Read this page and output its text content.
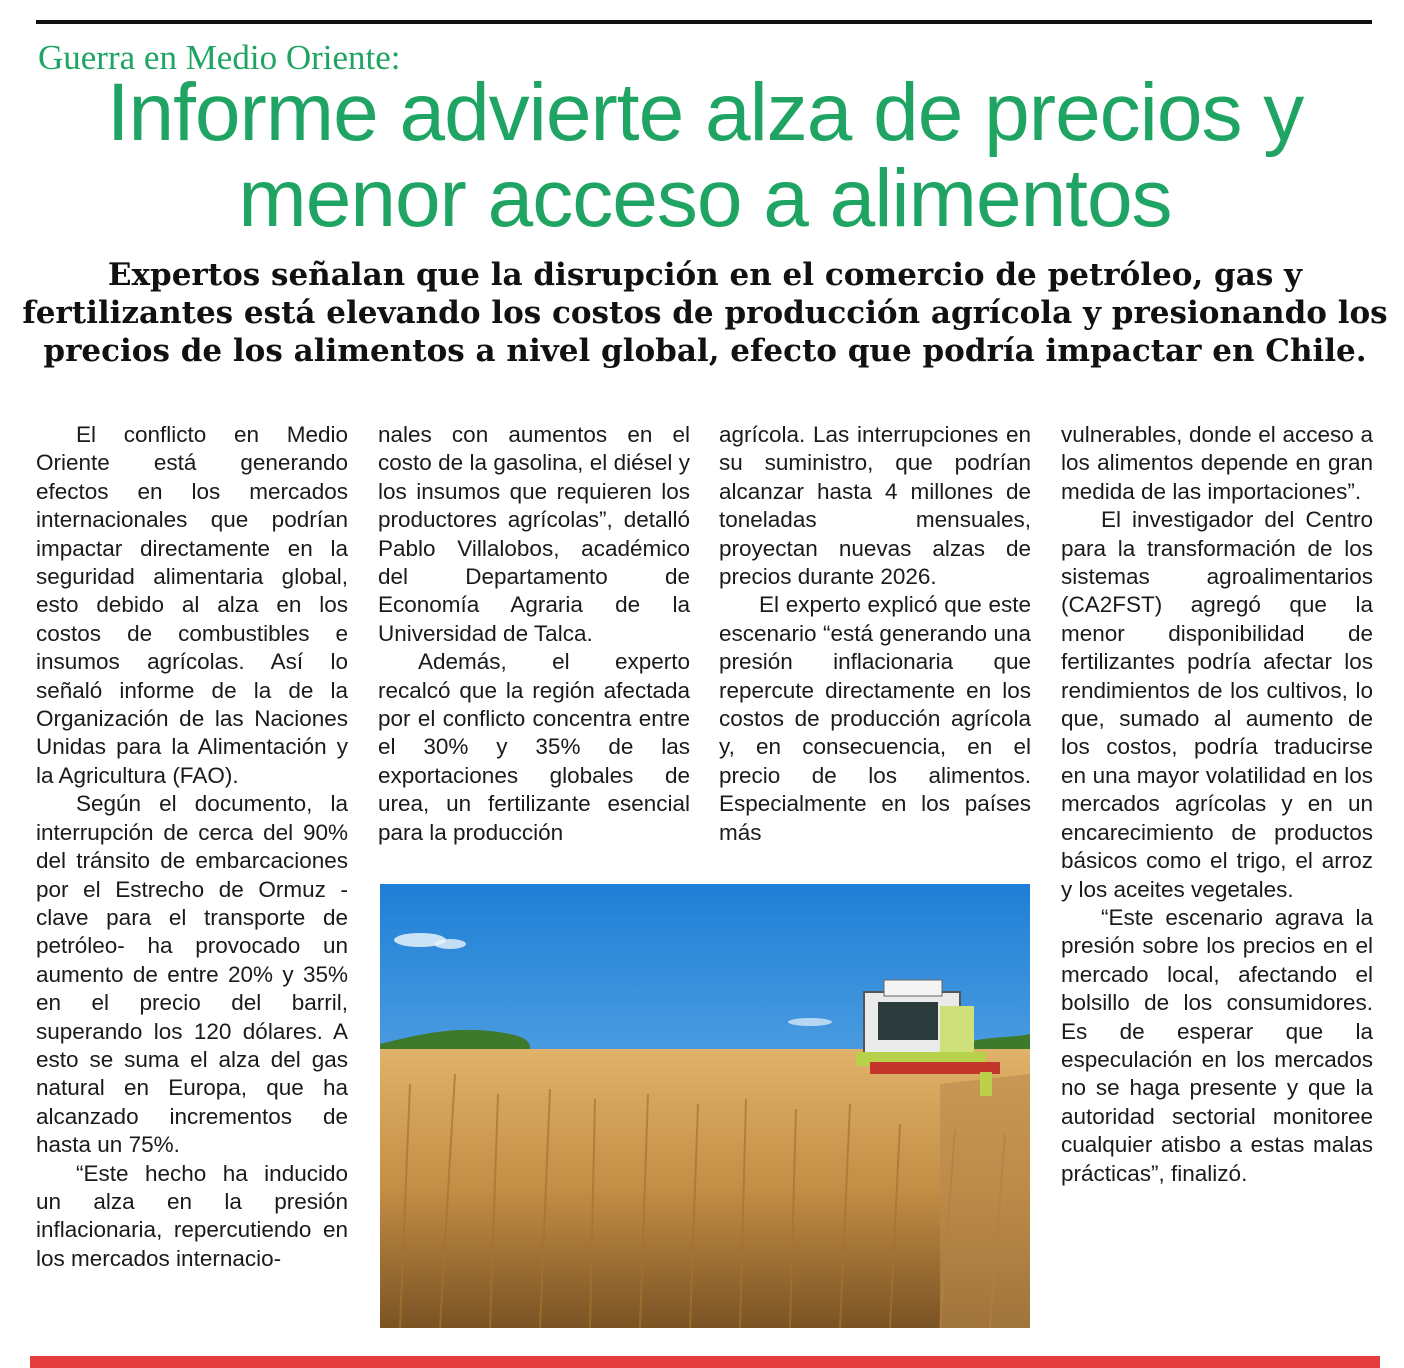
Guerra en Medio Oriente:
Informe advierte alza de precios y menor acceso a alimentos
Expertos señalan que la disrupción en el comercio de petróleo, gas y fertilizantes está elevando los costos de producción agrícola y presionando los precios de los alimentos a nivel global, efecto que podría impactar en Chile.

El conflicto en Medio Oriente está generando efectos en los mercados internacionales que podrían impactar directamente en la seguridad alimentaria global, esto debido al alza en los costos de combustibles e insumos agrícolas. Así lo señaló informe de la de la Organización de las Naciones Unidas para la Alimentación y la Agricultura (FAO).

Según el documento, la interrupción de cerca del 90% del tránsito de embarcaciones por el Estrecho de Ormuz -clave para el transporte de petróleo- ha provocado un aumento de entre 20% y 35% en el precio del barril, superando los 120 dólares. A esto se suma el alza del gas natural en Europa, que ha alcanzado incrementos de hasta un 75%.

“Este hecho ha inducido un alza en la presión inflacionaria, repercutiendo en los mercados internacio-

nales con aumentos en el costo de la gasolina, el diésel y los insumos que requieren los productores agrícolas”, detalló Pablo Villalobos, académico del Departamento de Economía Agraria de la Universidad de Talca.

Además, el experto recalcó que la región afectada por el conflicto concentra entre el 30% y 35% de las exportaciones globales de urea, un fertilizante esencial para la producción

agrícola. Las interrupciones en su suministro, que podrían alcanzar hasta 4 millones de toneladas mensuales, proyectan nuevas alzas de precios durante 2026.

El experto explicó que este escenario “está generando una presión inflacionaria que repercute directamente en los costos de producción agrícola y, en consecuencia, en el precio de los alimentos. Especialmente en los países más

vulnerables, donde el acceso a los alimentos depende en gran medida de las importaciones”.

El investigador del Centro para la transformación de los sistemas agroalimentarios (CA2FST) agregó que la menor disponibilidad de fertilizantes podría afectar los rendimientos de los cultivos, lo que, sumado al aumento de los costos, podría traducirse en una mayor volatilidad en los mercados agrícolas y en un encarecimiento de productos básicos como el trigo, el arroz y los aceites vegetales.

“Este escenario agrava la presión sobre los precios en el mercado local, afectando el bolsillo de los consumidores. Es de esperar que la especulación en los mercados no se haga presente y que la autoridad sectorial monitoree cualquier atisbo a estas malas prácticas”, finalizó.
